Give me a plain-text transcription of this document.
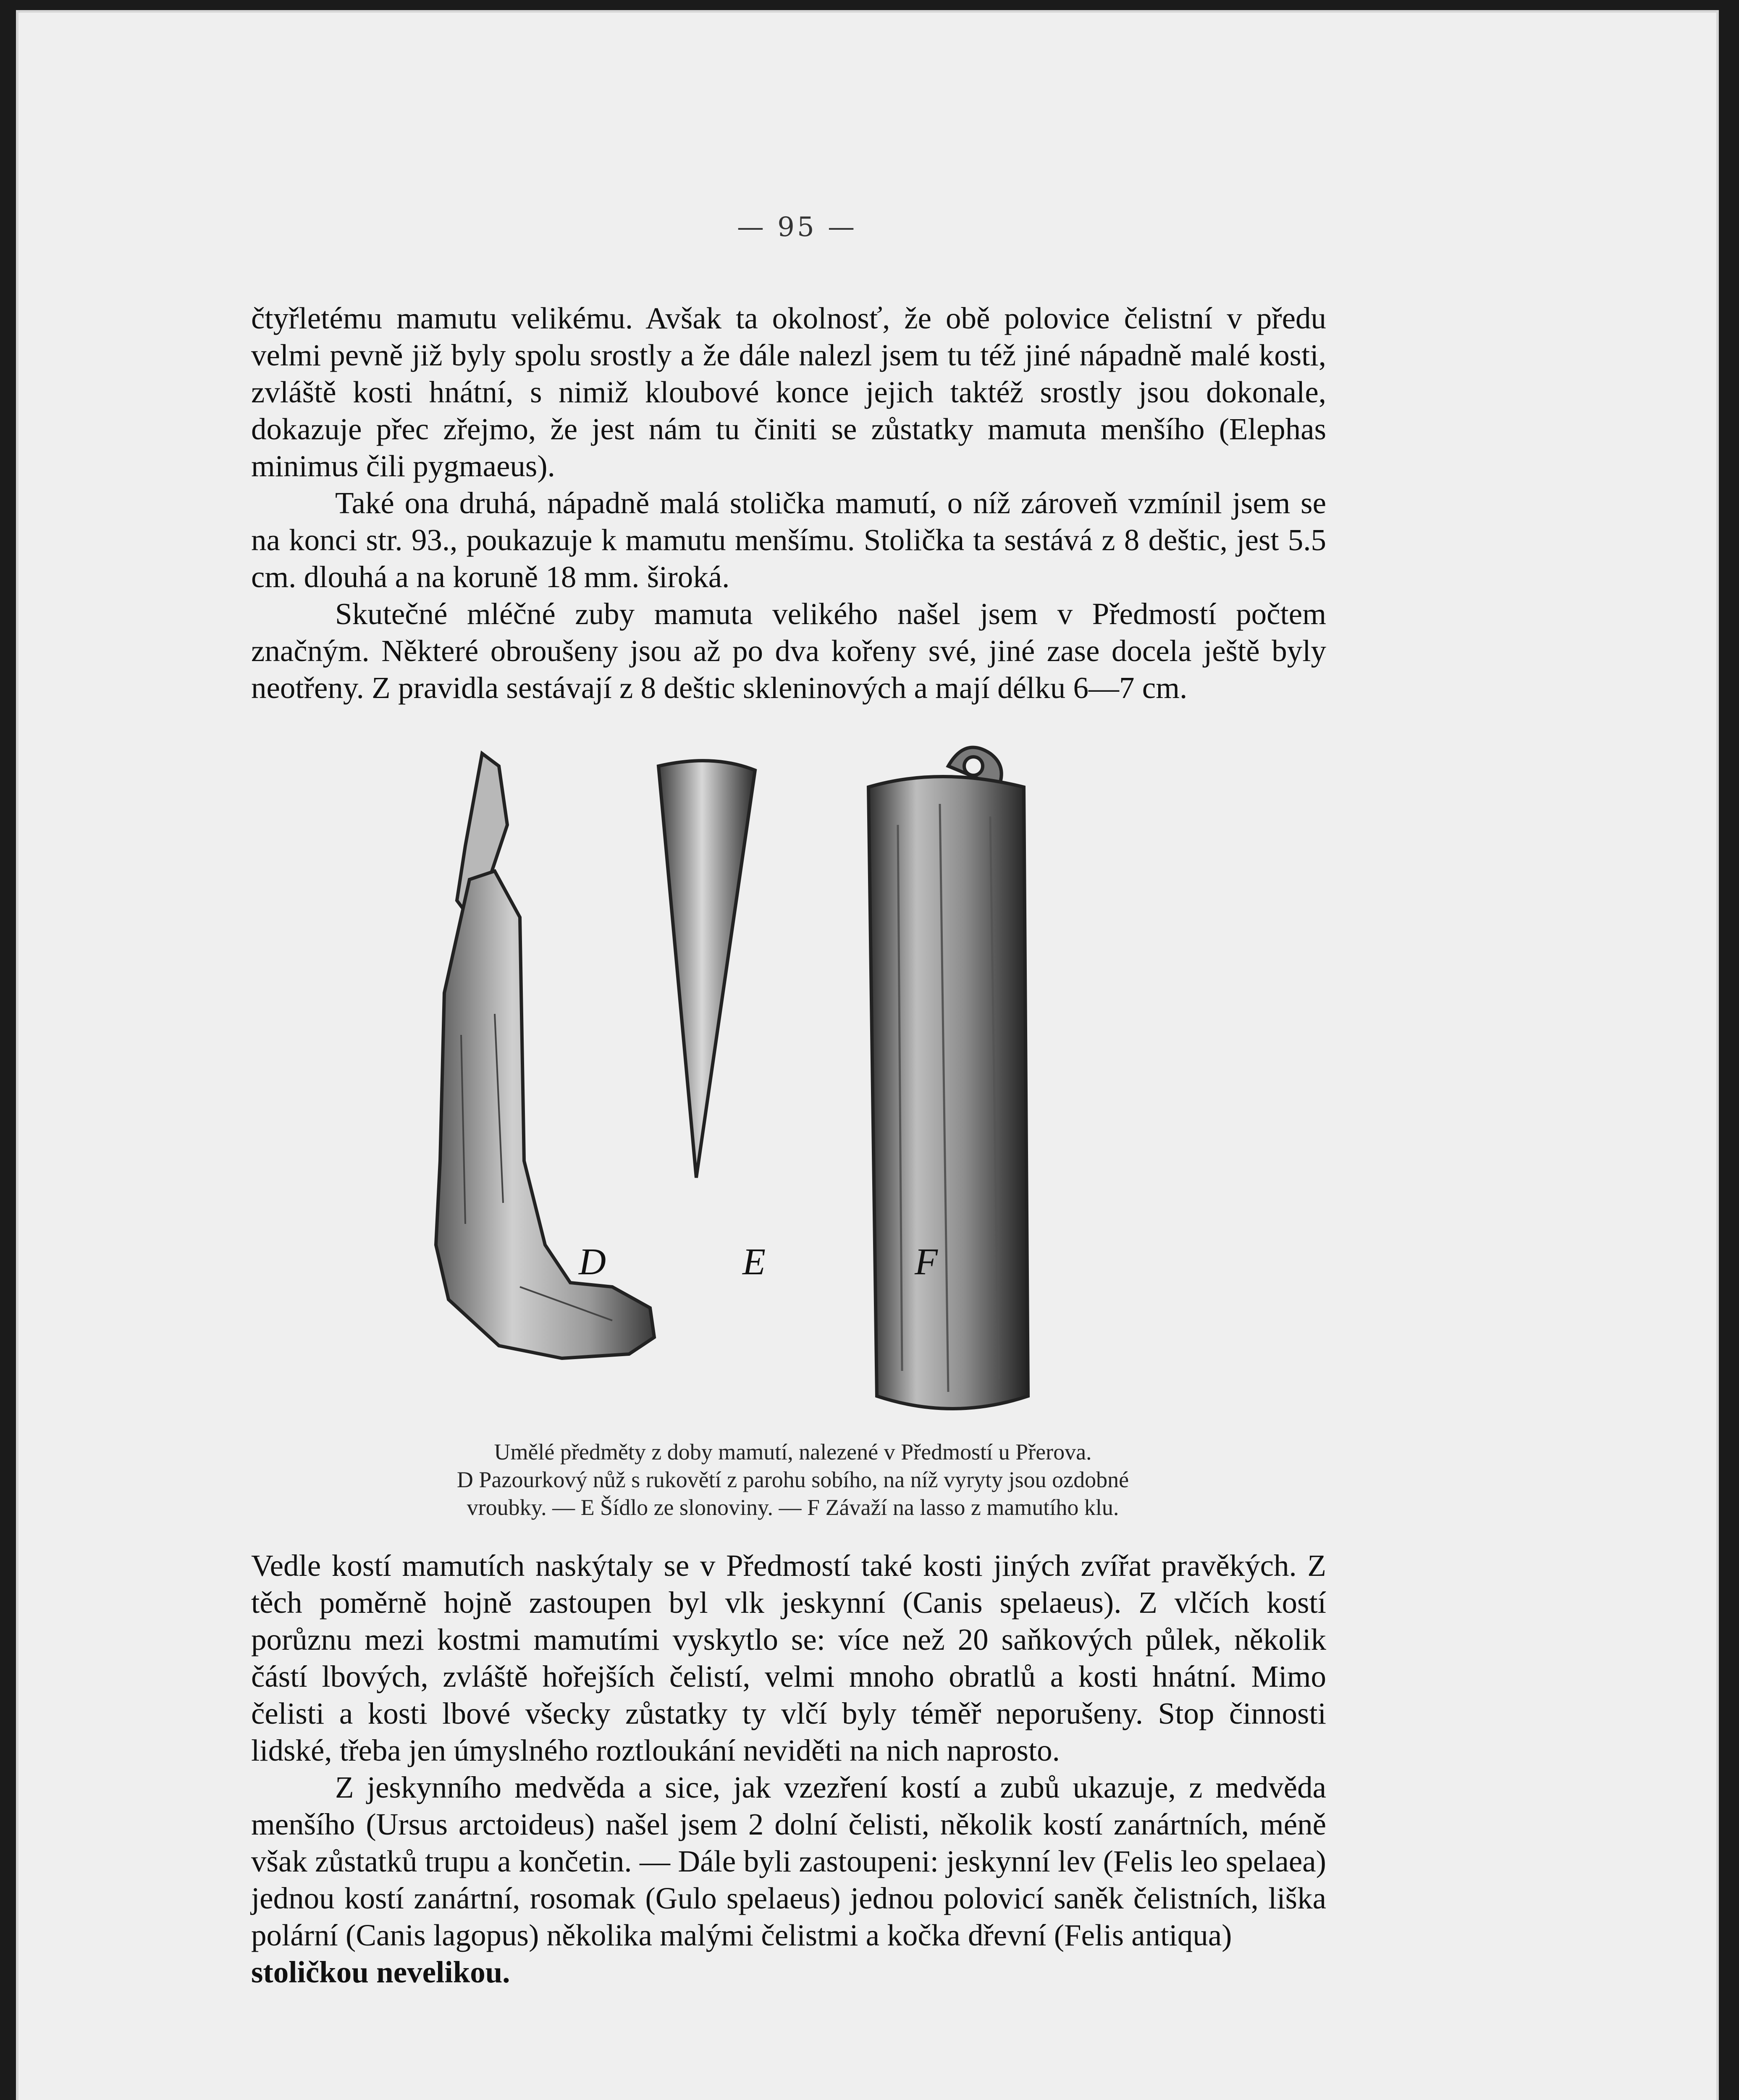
— 95 —

čtyřletému mamutu velikému. Avšak ta okolnosť, že obě polovice čelistní v předu velmi pevně již byly spolu srostly a že dále nalezl jsem tu též jiné nápadně malé kosti, zvláště kosti hnátní, s nimiž kloubové konce jejich taktéž srostly jsou dokonale, dokazuje přec zřejmo, že jest nám tu činiti se zůstatky mamuta menšího (Elephas minimus čili pygmaeus).

Také ona druhá, nápadně malá stolička mamutí, o níž zároveň vzmínil jsem se na konci str. 93., poukazuje k mamutu menšímu. Stolička ta sestává z 8 deštic, jest 5.5 cm. dlouhá a na koruně 18 mm. široká.

Skutečné mléčné zuby mamuta velikého našel jsem v Předmostí počtem značným. Některé obroušeny jsou až po dva kořeny své, jiné zase docela ještě byly neotřeny. Z pravidla sestávají z 8 deštic skleninových a mají délku 6—7 cm.

D	E	F
Umělé předměty z doby mamutí, nalezené v Předmostí u Přerova.
D Pazourkový nůž s rukovětí z parohu sobího, na níž vyryty jsou ozdobné
vroubky. — E Šídlo ze slonoviny. — F Závaží na lasso z mamutího klu.

Vedle kostí mamutích naskýtaly se v Předmostí také kosti jiných zvířat pravěkých. Z těch poměrně hojně zastoupen byl vlk jeskynní (Canis spelaeus). Z vlčích kostí porůznu mezi kostmi mamutími vyskytlo se: více než 20 saňkových půlek, několik částí lbových, zvláště hořejších čelistí, velmi mnoho obratlů a kosti hnátní. Mimo čelisti a kosti lbové všecky zůstatky ty vlčí byly téměř neporušeny. Stop činnosti lidské, třeba jen úmyslného roztloukání neviděti na nich naprosto.

Z jeskynního medvěda a sice, jak vzezření kostí a zubů ukazuje, z medvěda menšího (Ursus arctoideus) našel jsem 2 dolní čelisti, několik kostí zanártních, méně však zůstatků trupu a končetin. — Dále byli zastoupeni: jeskynní lev (Felis leo spelaea) jednou kostí zanártní, rosomak (Gulo spelaeus) jednou polovicí saněk čelistních, liška polární (Canis lagopus) několika malými čelistmi a kočka dřevní (Felis antiqua)

stoličkou nevelikou.
